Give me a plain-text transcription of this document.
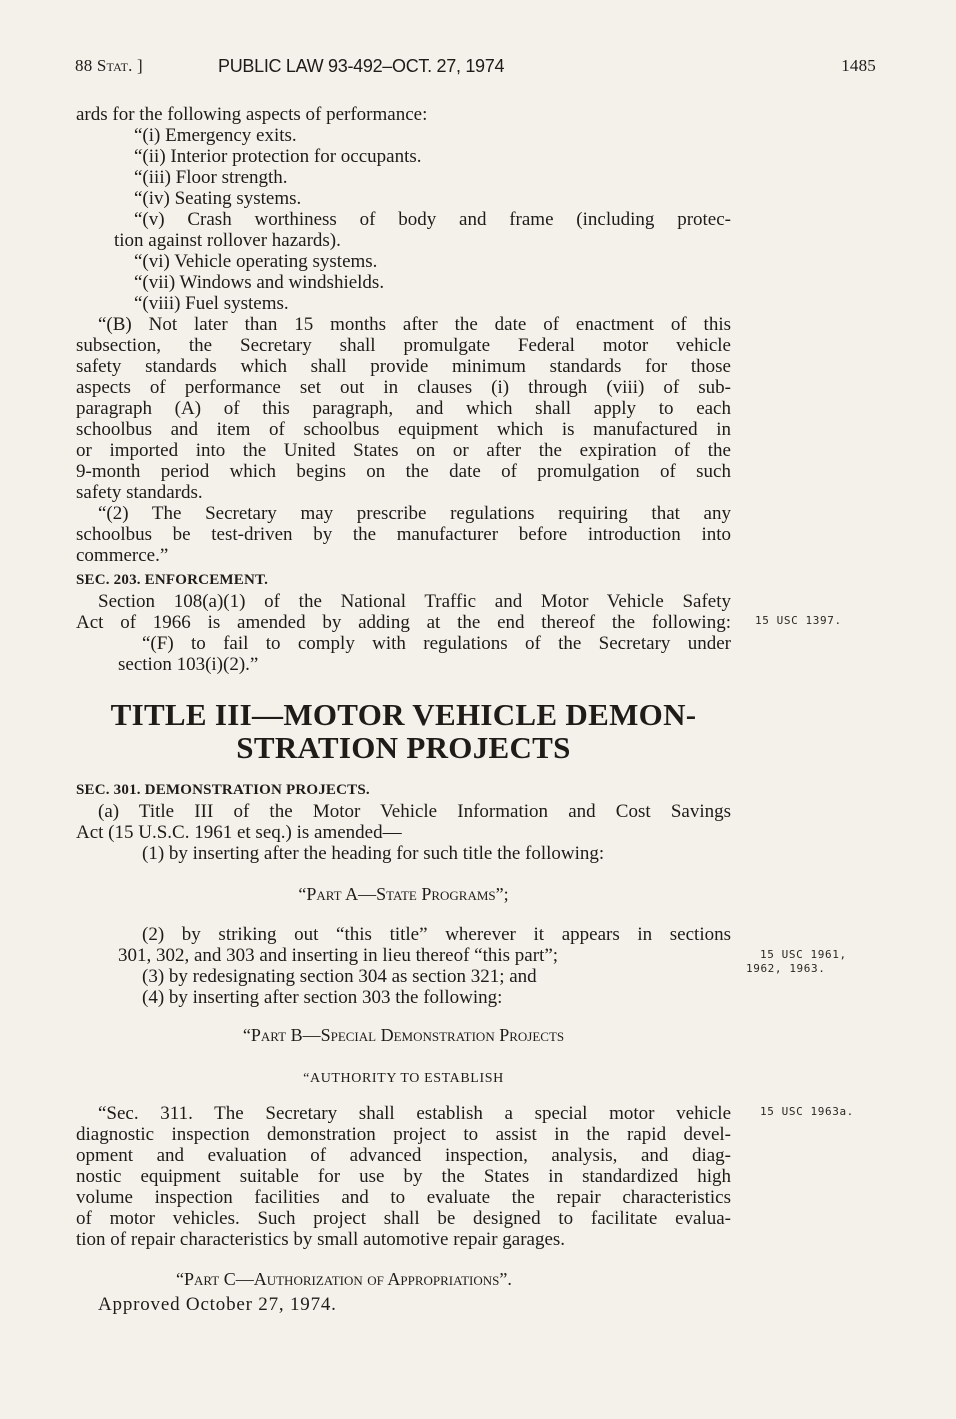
88 Stat. ]	PUBLIC LAW 93-492–OCT. 27, 1974	1485
ards for the following aspects of performance:
“(i) Emergency exits.
“(ii) Interior protection for occupants.
“(iii) Floor strength.
“(iv) Seating systems.
“(v) Crash worthiness of body and frame (including protec-
tion against rollover hazards).
“(vi) Vehicle operating systems.
“(vii) Windows and windshields.
“(viii) Fuel systems.
“(B) Not later than 15 months after the date of enactment of this
subsection, the Secretary shall promulgate Federal motor vehicle
safety standards which shall provide minimum standards for those
aspects of performance set out in clauses (i) through (viii) of sub-
paragraph (A) of this paragraph, and which shall apply to each
schoolbus and item of schoolbus equipment which is manufactured in
or imported into the United States on or after the expiration of the
9-month period which begins on the date of promulgation of such
safety standards.
“(2) The Secretary may prescribe regulations requiring that any
schoolbus be test-driven by the manufacturer before introduction into
commerce.”
SEC. 203. ENFORCEMENT.
Section 108(a)(1) of the National Traffic and Motor Vehicle Safety
Act of 1966 is amended by adding at the end thereof the following:
“(F) to fail to comply with regulations of the Secretary under
section 103(i)(2).”
TITLE III—MOTOR VEHICLE DEMON-
STRATION PROJECTS
SEC. 301. DEMONSTRATION PROJECTS.
(a) Title III of the Motor Vehicle Information and Cost Savings
Act (15 U.S.C. 1961 et seq.) is amended—
(1) by inserting after the heading for such title the following:
“Part A—State Programs”;
(2) by striking out “this title” wherever it appears in sections
301, 302, and 303 and inserting in lieu thereof “this part”;
(3) by redesignating section 304 as section 321; and
(4) by inserting after section 303 the following:
“Part B—Special Demonstration Projects
“AUTHORITY TO ESTABLISH
“Sec. 311. The Secretary shall establish a special motor vehicle
diagnostic inspection demonstration project to assist in the rapid devel-
opment and evaluation of advanced inspection, analysis, and diag-
nostic equipment suitable for use by the States in standardized high
volume inspection facilities and to evaluate the repair characteristics
of motor vehicles. Such project shall be designed to facilitate evalua-
tion of repair characteristics by small automotive repair garages.
“Part C—Authorization of Appropriations”.
Approved October 27, 1974.
15 USC 1397.
15 USC 1961,
1962, 1963.
15 USC 1963a.
